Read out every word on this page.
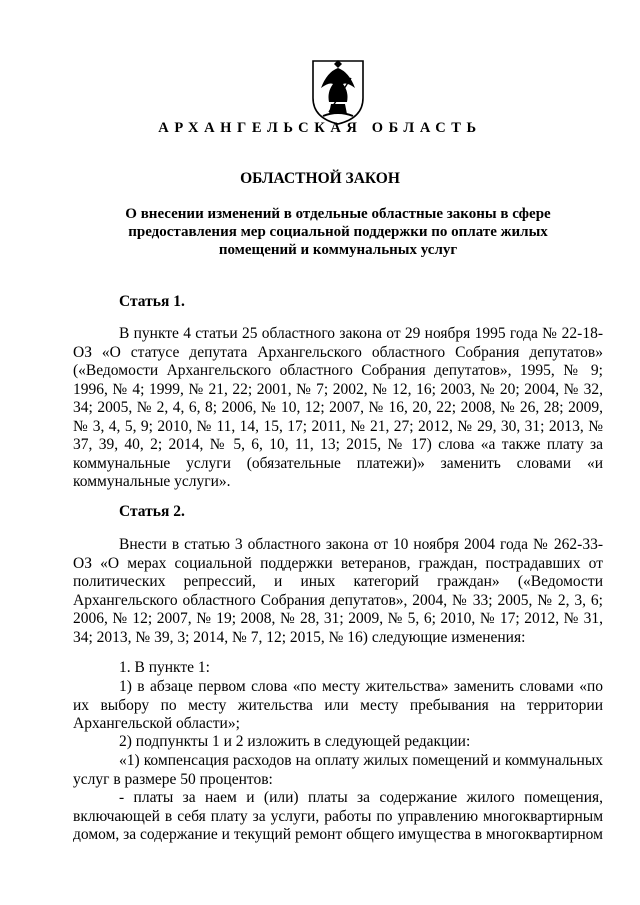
АРХАНГЕЛЬСКАЯ ОБЛАСТЬ
ОБЛАСТНОЙ ЗАКОН
О внесении изменений в отдельные областные законы в сфере предоставления мер социальной поддержки по оплате жилых помещений и коммунальных услуг
Статья 1.

В пункте 4 статьи 25 областного закона от 29 ноября 1995 года № 22-18-ОЗ «О статусе депутата Архангельского областного Собрания депутатов» («Ведомости Архангельского областного Собрания депутатов», 1995, № 9; 1996, № 4; 1999, № 21, 22; 2001, № 7; 2002, № 12, 16; 2003, № 20; 2004, № 32, 34; 2005, № 2, 4, 6, 8; 2006, № 10, 12; 2007, № 16, 20, 22; 2008, № 26, 28; 2009, № 3, 4, 5, 9; 2010, № 11, 14, 15, 17; 2011, № 21, 27; 2012, № 29, 30, 31; 2013, № 37, 39, 40, 2; 2014, № 5, 6, 10, 11, 13; 2015, № 17) слова «а также плату за коммунальные услуги (обязательные платежи)» заменить словами «и коммунальные услуги».

Статья 2.

Внести в статью 3 областного закона от 10 ноября 2004 года № 262-33-ОЗ «О мерах социальной поддержки ветеранов, граждан, пострадавших от политических репрессий, и иных категорий граждан» («Ведомости Архангельского областного Собрания депутатов», 2004, № 33; 2005, № 2, 3, 6; 2006, № 12; 2007, № 19; 2008, № 28, 31; 2009, № 5, 6; 2010, № 17; 2012, № 31, 34; 2013, № 39, 3; 2014, № 7, 12; 2015, № 16) следующие изменения:

1. В пункте 1:

1) в абзаце первом слова «по месту жительства» заменить словами «по их выбору по месту жительства или месту пребывания на территории Архангельской области»;

2) подпункты 1 и 2 изложить в следующей редакции:

«1) компенсация расходов на оплату жилых помещений и коммунальных услуг в размере 50 процентов:

- платы за наем и (или) платы за содержание жилого помещения, включающей в себя плату за услуги, работы по управлению многоквартирным домом, за содержание и текущий ремонт общего имущества в многоквартирном
